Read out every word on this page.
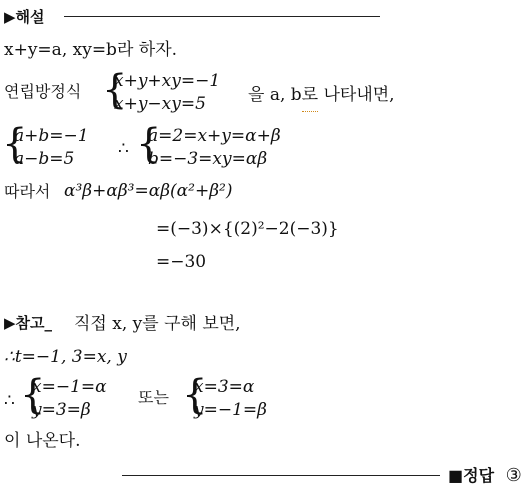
▶해설
x+y=a, xy=b라 하자.
연립방정식 {
x+y+xy=−1
x+y−xy=5 을 a, b로 나타내면,
{
a+b=−1
a−b=5	∴ {
a=2=x+y=α+β
b=−3=xy=αβ
따라서 α³β+αβ³=αβ(α²+β²)
=(−3)×{(2)²−2(−3)}
=−30
▶참고_ 직접 x, y를 구해 보면,
∴t=−1, 3=x, y
∴ {
x=−1=α
y=3=β
또는 {
x=3=α
y=−1=β
이 나온다.
■정답 ③
